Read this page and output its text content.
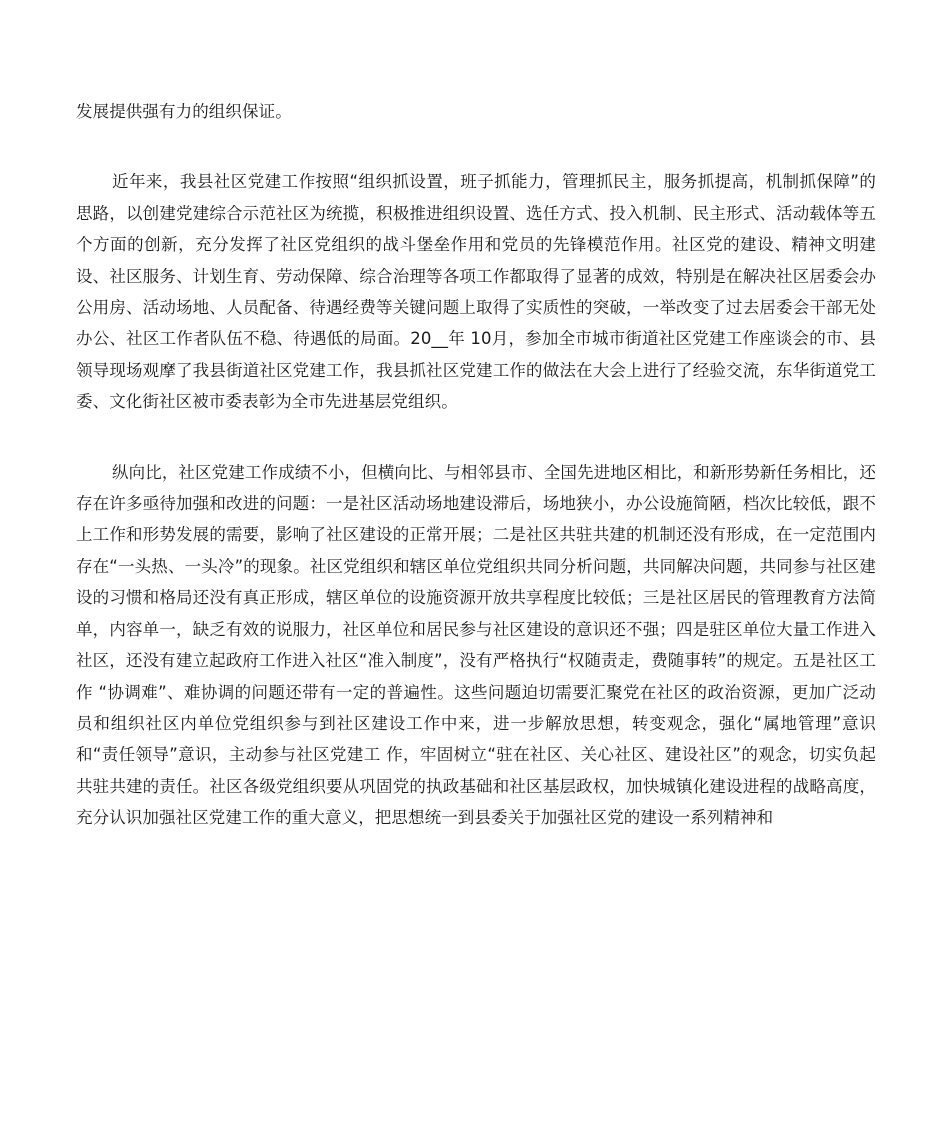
发展提供强有力的组织保证。

近年来，我县社区党建工作按照“组织抓设置，班子抓能力，管理抓民主，服务抓提高，机制抓保障”的思路，以创建党建综合示范社区为统揽，积极推进组织设置、选任方式、投入机制、民主形式、活动载体等五个方面的创新，充分发挥了社区党组织的战斗堡垒作用和党员的先锋模范作用。社区党的建设、精神文明建设、社区服务、计划生育、劳动保障、综合治理等各项工作都取得了显著的成效，特别是在解决社区居委会办公用房、活动场地、人员配备、待遇经费等关键问题上取得了实质性的突破，一举改变了过去居委会干部无处办公、社区工作者队伍不稳、待遇低的局面。20__年 10月，参加全市城市街道社区党建工作座谈会的市、县领导现场观摩了我县街道社区党建工作，我县抓社区党建工作的做法在大会上进行了经验交流，东华街道党工委、文化街社区被市委表彰为全市先进基层党组织。

纵向比，社区党建工作成绩不小，但横向比、与相邻县市、全国先进地区相比，和新形势新任务相比，还存在许多亟待加强和改进的问题：一是社区活动场地建设滞后，场地狭小，办公设施简陋，档次比较低，跟不上工作和形势发展的需要，影响了社区建设的正常开展；二是社区共驻共建的机制还没有形成，在一定范围内存在“一头热、一头冷”的现象。社区党组织和辖区单位党组织共同分析问题，共同解决问题，共同参与社区建设的习惯和格局还没有真正形成，辖区单位的设施资源开放共享程度比较低；三是社区居民的管理教育方法简单，内容单一，缺乏有效的说服力，社区单位和居民参与社区建设的意识还不强；四是驻区单位大量工作进入社区，还没有建立起政府工作进入社区“准入制度”，没有严格执行“权随责走，费随事转”的规定。五是社区工作 “协调难”、难协调的问题还带有一定的普遍性。这些问题迫切需要汇聚党在社区的政治资源，更加广泛动员和组织社区内单位党组织参与到社区建设工作中来，进一步解放思想，转变观念，强化“属地管理”意识和“责任领导”意识，主动参与社区党建工 作，牢固树立“驻在社区、关心社区、建设社区”的观念，切实负起共驻共建的责任。社区各级党组织要从巩固党的执政基础和社区基层政权，加快城镇化建设进程的战略高度，充分认识加强社区党建工作的重大意义，把思想统一到县委关于加强社区党的建设一系列精神和
